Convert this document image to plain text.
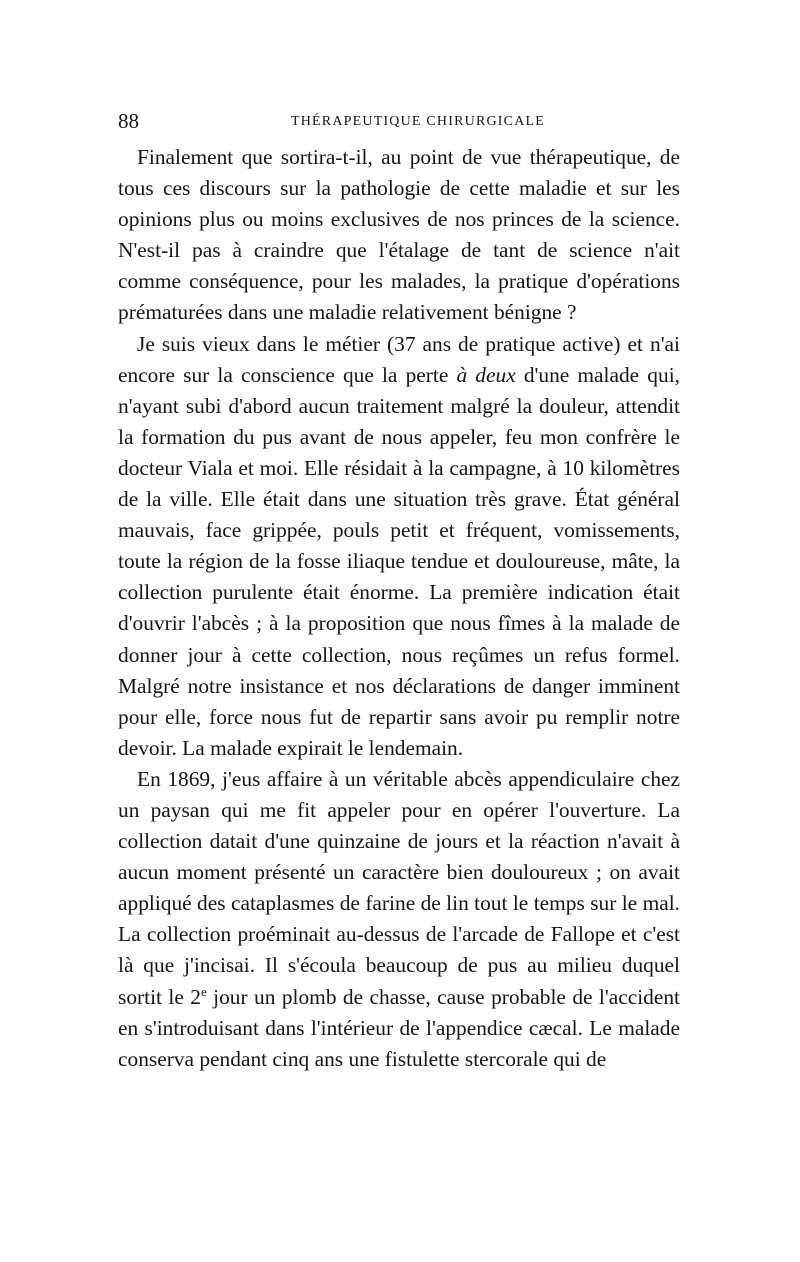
88	THÉRAPEUTIQUE CHIRURGICALE

Finalement que sortira-t-il, au point de vue thérapeutique, de tous ces discours sur la pathologie de cette maladie et sur les opinions plus ou moins exclusives de nos princes de la science. N'est-il pas à craindre que l'étalage de tant de science n'ait comme conséquence, pour les malades, la pratique d'opérations prématurées dans une maladie relativement bénigne ?

Je suis vieux dans le métier (37 ans de pratique active) et n'ai encore sur la conscience que la perte à deux d'une malade qui, n'ayant subi d'abord aucun traitement malgré la douleur, attendit la formation du pus avant de nous appeler, feu mon confrère le docteur Viala et moi. Elle résidait à la campagne, à 10 kilomètres de la ville. Elle était dans une situation très grave. État général mauvais, face grippée, pouls petit et fréquent, vomissements, toute la région de la fosse iliaque tendue et douloureuse, mâte, la collection purulente était énorme. La première indication était d'ouvrir l'abcès ; à la proposition que nous fîmes à la malade de donner jour à cette collection, nous reçûmes un refus formel. Malgré notre insistance et nos déclarations de danger imminent pour elle, force nous fut de repartir sans avoir pu remplir notre devoir. La malade expirait le lendemain.

En 1869, j'eus affaire à un véritable abcès appendiculaire chez un paysan qui me fit appeler pour en opérer l'ouverture. La collection datait d'une quinzaine de jours et la réaction n'avait à aucun moment présenté un caractère bien douloureux ; on avait appliqué des cataplasmes de farine de lin tout le temps sur le mal. La collection proéminait au-dessus de l'arcade de Fallope et c'est là que j'incisai. Il s'écoula beaucoup de pus au milieu duquel sortit le 2e jour un plomb de chasse, cause probable de l'accident en s'introduisant dans l'intérieur de l'appendice cæcal. Le malade conserva pendant cinq ans une fistulette stercorale qui de
